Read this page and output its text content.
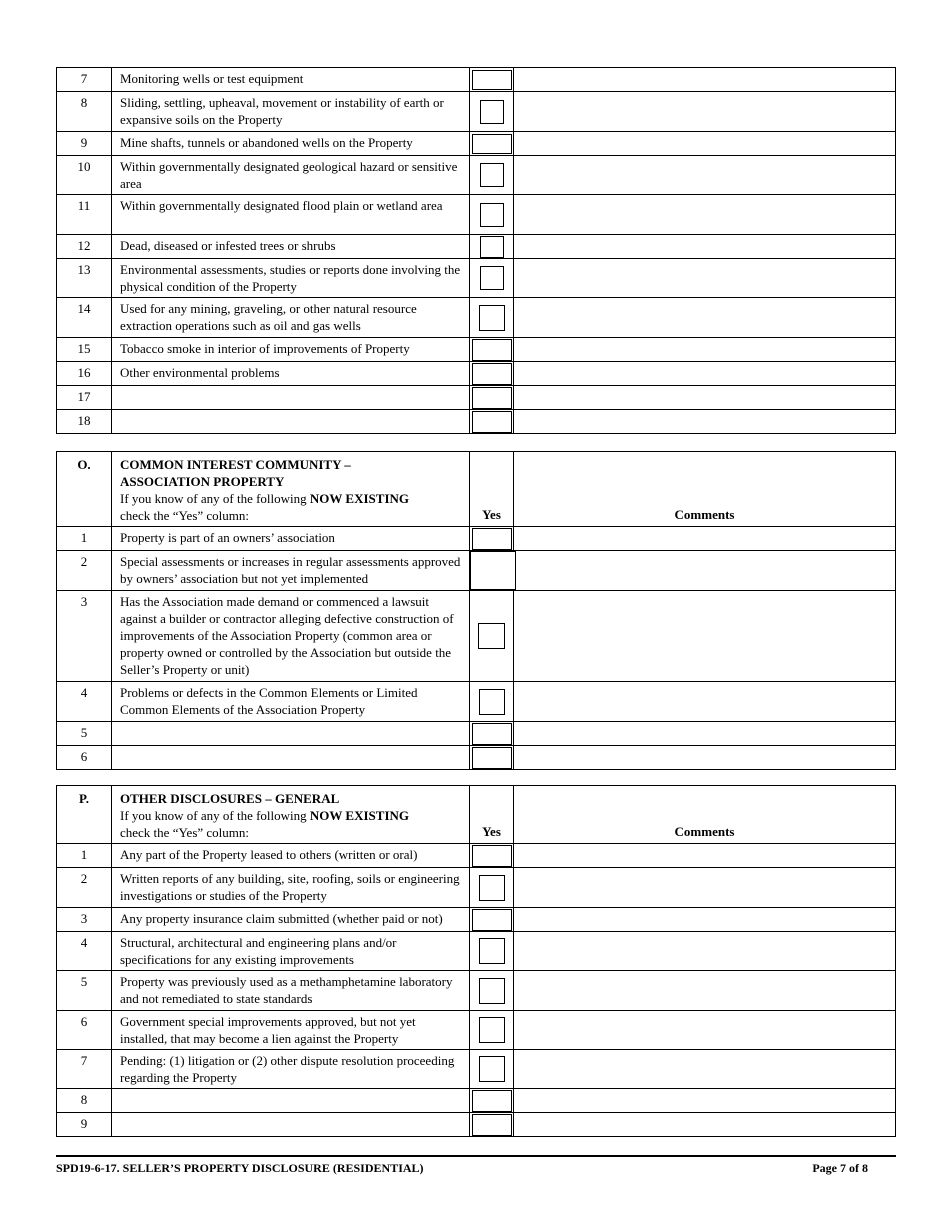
7	Monitoring wells or test equipment	

8	Sliding, settling, upheaval, movement or instability of earth or expansive soils on the Property	

9	Mine shafts, tunnels or abandoned wells on the Property	

10	Within governmentally designated geological hazard or sensitive area	

11	Within governmentally designated flood plain or wetland area	

12	Dead, diseased or infested trees or shrubs	

13	Environmental assessments, studies or reports done involving the physical condition of the Property	

14	Used for any mining, graveling, or other natural resource extraction operations such as oil and gas wells	

15	Tobacco smoke in interior of improvements of Property	

16	Other environmental problems	

17		

18		

O.	COMMON INTEREST COMMUNITY –
ASSOCIATION PROPERTY
If you know of any of the following NOW EXISTING
check the “Yes” column:	Yes	Comments
1	Property is part of an owners’ association	

2	Special assessments or increases in regular assessments approved by owners’ association but not yet implemented	

3	Has the Association made demand or commenced a lawsuit against a builder or contractor alleging defective construction of improvements of the Association Property (common area or property owned or controlled by the Association but outside the Seller’s Property or unit)	

4	Problems or defects in the Common Elements or Limited Common Elements of the Association Property	

5		

6		

P.	OTHER DISCLOSURES – GENERAL
If you know of any of the following NOW EXISTING
check the “Yes” column:	Yes	Comments
1	Any part of the Property leased to others (written or oral)	

2	Written reports of any building, site, roofing, soils or engineering investigations or studies of the Property	

3	Any property insurance claim submitted (whether paid or not)	

4	Structural, architectural and engineering plans and/or specifications for any existing improvements	

5	Property was previously used as a methamphetamine laboratory and not remediated to state standards	

6	Government special improvements approved, but not yet installed, that may become a lien against the Property	

7	Pending: (1) litigation or (2) other dispute resolution proceeding regarding the Property	

8		

9		

SPD19-6-17. SELLER’S PROPERTY DISCLOSURE (RESIDENTIAL)	Page 7 of 8
